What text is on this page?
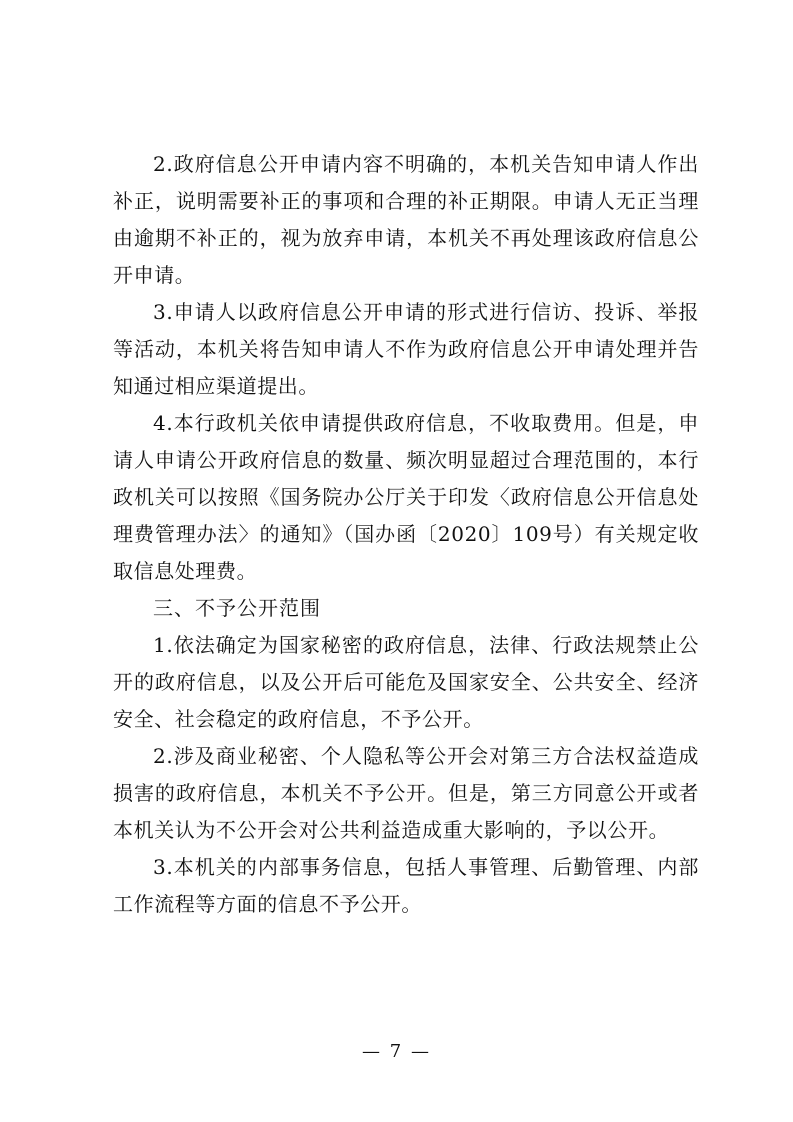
2.政府信息公开申请内容不明确的，本机关告知申请人作出补正，说明需要补正的事项和合理的补正期限。申请人无正当理由逾期不补正的，视为放弃申请，本机关不再处理该政府信息公开申请。

3.申请人以政府信息公开申请的形式进行信访、投诉、举报等活动，本机关将告知申请人不作为政府信息公开申请处理并告知通过相应渠道提出。

4.本行政机关依申请提供政府信息，不收取费用。但是，申请人申请公开政府信息的数量、频次明显超过合理范围的，本行政机关可以按照《国务院办公厅关于印发〈政府信息公开信息处理费管理办法〉的通知》（国办函〔2020〕109号）有关规定收取信息处理费。

三、不予公开范围

1.依法确定为国家秘密的政府信息，法律、行政法规禁止公开的政府信息，以及公开后可能危及国家安全、公共安全、经济安全、社会稳定的政府信息，不予公开。

2.涉及商业秘密、个人隐私等公开会对第三方合法权益造成损害的政府信息，本机关不予公开。但是，第三方同意公开或者本机关认为不公开会对公共利益造成重大影响的，予以公开。

3.本机关的内部事务信息，包括人事管理、后勤管理、内部工作流程等方面的信息不予公开。

— 7 —
